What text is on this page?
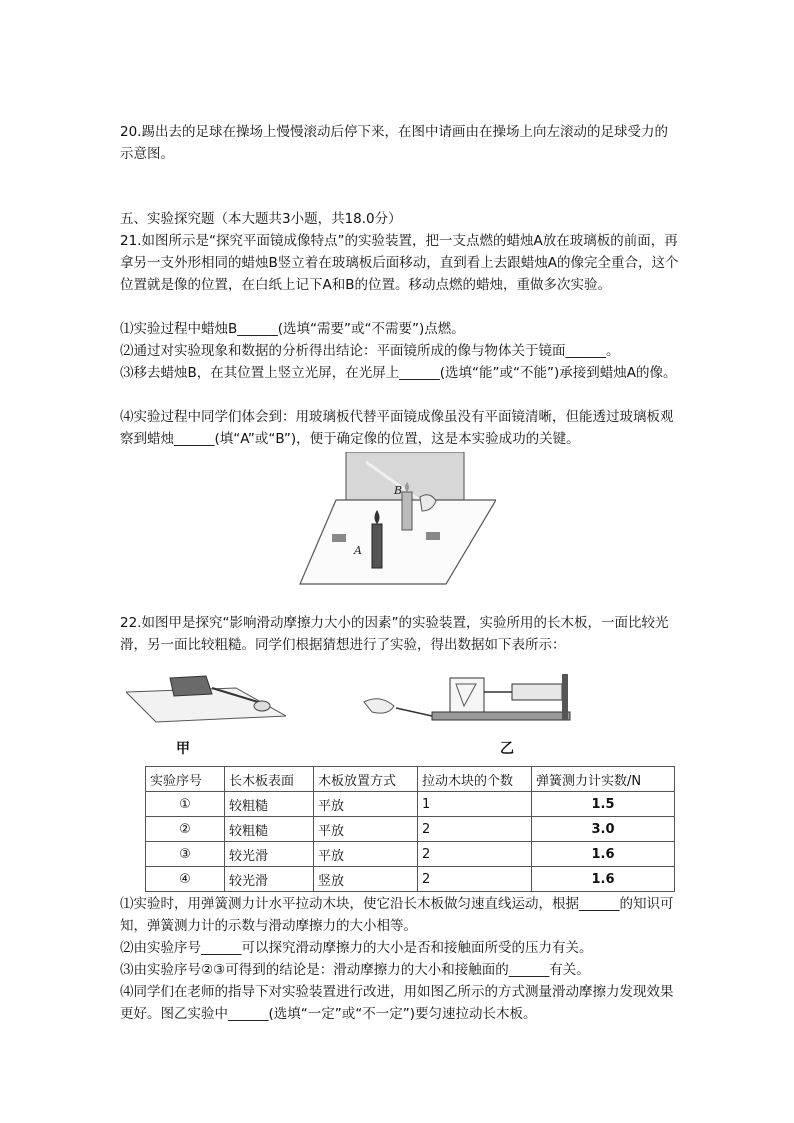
20.踢出去的足球在操场上慢慢滚动后停下来，在图中请画由在操场上向左滚动的足球受力的示意图。

五、实验探究题（本大题共3小题，共18.0分）

21.如图所示是“探究平面镜成像特点”的实验装置，把一支点燃的蜡烛A放在玻璃板的前面，再拿另一支外形相同的蜡烛B竖立着在玻璃板后面移动，直到看上去跟蜡烛A的像完全重合，这个位置就是像的位置，在白纸上记下A和B的位置。移动点燃的蜡烛，重做多次实验。

⑴实验过程中蜡烛B______(选填“需要”或“不需要”)点燃。
⑵通过对实验现象和数据的分析得出结论：平面镜所成的像与物体关于镜面______。

⑶移去蜡烛B，在其位置上竖立光屏，在光屏上______(选填“能”或“不能”)承接到蜡烛A的像。

⑷实验过程中同学们体会到：用玻璃板代替平面镜成像虽没有平面镜清晰，但能透过玻璃板观察到蜡烛______(填“A”或“B”)，便于确定像的位置，这是本实验成功的关键。

B
A

22.如图甲是探究“影响滑动摩擦力大小的因素”的实验装置，实验所用的长木板，一面比较光滑，另一面比较粗糙。同学们根据猜想进行了实验，得出数据如下表所示：

甲	乙
实验序号	长木板表面	木板放置方式	拉动木块的个数	弹簧测力计实数/N
①	较粗糙	平放	1	1.5
②	较粗糙	平放	2	3.0
③	较光滑	平放	2	1.6
④	较光滑	竖放	2	1.6

⑴实验时，用弹簧测力计水平拉动木块，使它沿长木板做匀速直线运动，根据______的知识可知，弹簧测力计的示数与滑动摩擦力的大小相等。

⑵由实验序号______可以探究滑动摩擦力的大小是否和接触面所受的压力有关。
⑶由实验序号②③可得到的结论是：滑动摩擦力的大小和接触面的______有关。

⑷同学们在老师的指导下对实验装置进行改进，用如图乙所示的方式测量滑动摩擦力发现效果更好。图乙实验中______(选填“一定”或“不一定”)要匀速拉动长木板。
